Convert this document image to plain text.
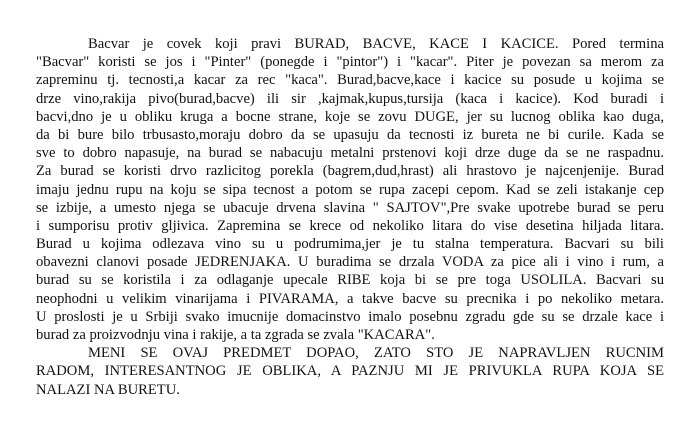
Bacvar je covek koji pravi BURAD, BACVE, KACE I KACICE. Pored termina
"Bacvar" koristi se jos i "Pinter" (ponegde i "pintor") i "kacar". Piter je povezan sa merom za
zapreminu tj. tecnosti,a kacar za rec "kaca". Burad,bacve,kace i kacice su posude u kojima se
drze vino,rakija pivo(burad,bacve) ili sir ,kajmak,kupus,tursija (kaca i kacice). Kod buradi i
bacvi,dno je u obliku kruga a bocne strane, koje se zovu DUGE, jer su lucnog oblika kao duga,
da bi bure bilo trbusasto,moraju dobro da se upasuju da tecnosti iz bureta ne bi curile. Kada se
sve to dobro napasuje, na burad se nabacuju metalni prstenovi koji drze duge da se ne raspadnu.
Za burad se koristi drvo razlicitog porekla (bagrem,dud,hrast) ali hrastovo je najcenjenije. Burad
imaju jednu rupu na koju se sipa tecnost a potom se rupa zacepi cepom. Kad se zeli istakanje cep
se izbije, a umesto njega se ubacuje drvena slavina " SAJTOV",Pre svake upotrebe burad se peru
i sumporisu protiv gljivica. Zapremina se krece od nekoliko litara do vise desetina hiljada litara.
Burad u kojima odlezava vino su u podrumima,jer je tu stalna temperatura. Bacvari su bili
obavezni clanovi posade JEDRENJAKA. U buradima se drzala VODA za pice ali i vino i rum, a
burad su se koristila i za odlaganje upecale RIBE koja bi se pre toga USOLILA. Bacvari su
neophodni u velikim vinarijama i PIVARAMA, a takve bacve su precnika i po nekoliko metara.
U proslosti je u Srbiji svako imucnije domacinstvo imalo posebnu zgradu gde su se drzale kace i
burad za proizvodnju vina i rakije, a ta zgrada se zvala "KACARA".
MENI SE OVAJ PREDMET DOPAO, ZATO STO JE NAPRAVLJEN RUCNIM
RADOM, INTERESANTNOG JE OBLIKA, A PAZNJU MI JE PRIVUKLA RUPA KOJA SE
NALAZI NA BURETU.
